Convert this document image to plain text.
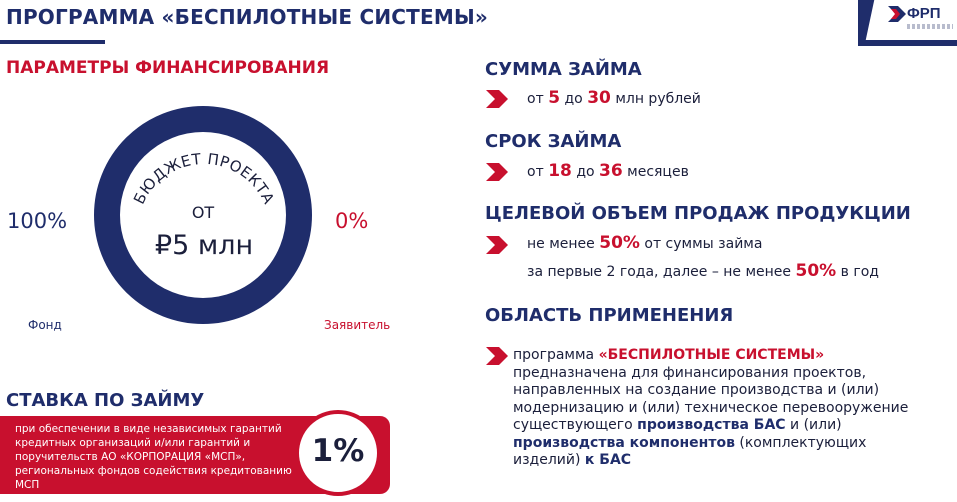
ПРОГРАММА «БЕСПИЛОТНЫЕ СИСТЕМЫ»	ФРП
ПАРАМЕТРЫ ФИНАНСИРОВАНИЯ
БЮДЖЕТ ПРОЕКТА
ОТ
₽5 млн
100%	0%
Фонд	Заявитель
СТАВКА ПО ЗАЙМУ
при обеспечении в виде независимых гарантий кредитных организаций и/или гарантий и поручительств АО «КОРПОРАЦИЯ «МСП», региональных фондов содействия кредитованию МСП
1%
СУММА ЗАЙМА
от 5 до 30 млн рублей
СРОК ЗАЙМА
от 18 до 36 месяцев
ЦЕЛЕВОЙ ОБЪЕМ ПРОДАЖ ПРОДУКЦИИ
не менее 50% от суммы займа
за первые 2 года, далее – не менее 50% в год
ОБЛАСТЬ ПРИМЕНЕНИЯ
программа «БЕСПИЛОТНЫЕ СИСТЕМЫ» предназначена для финансирования проектов, направленных на создание производства и (или) модернизацию и (или) техническое перевооружение существующего производства БАС и (или) производства компонентов (комплектующих изделий) к БАС
